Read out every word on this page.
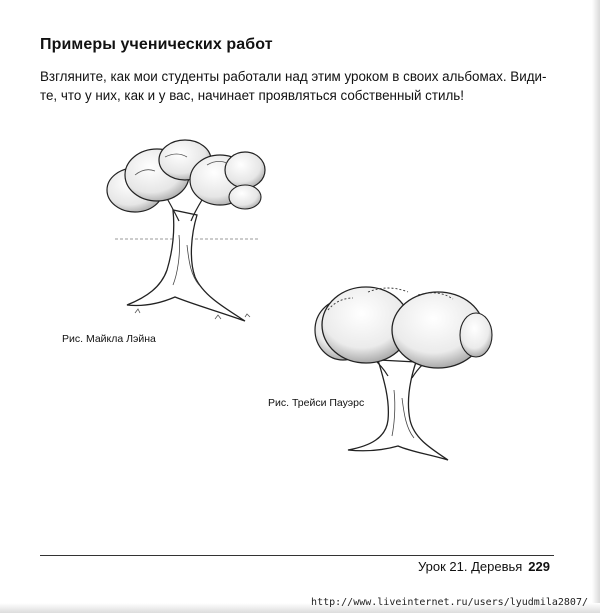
Примеры ученических работ

Взгляните, как мои студенты работали над этим уроком в своих альбомах. Види-
те, что у них, как и у вас, начинает проявляться собственный стиль!

Рис. Майкла Лэйна
Рис. Трейси Пауэрс
Урок 21. Деревья 229
http://www.liveinternet.ru/users/lyudmila2807/
